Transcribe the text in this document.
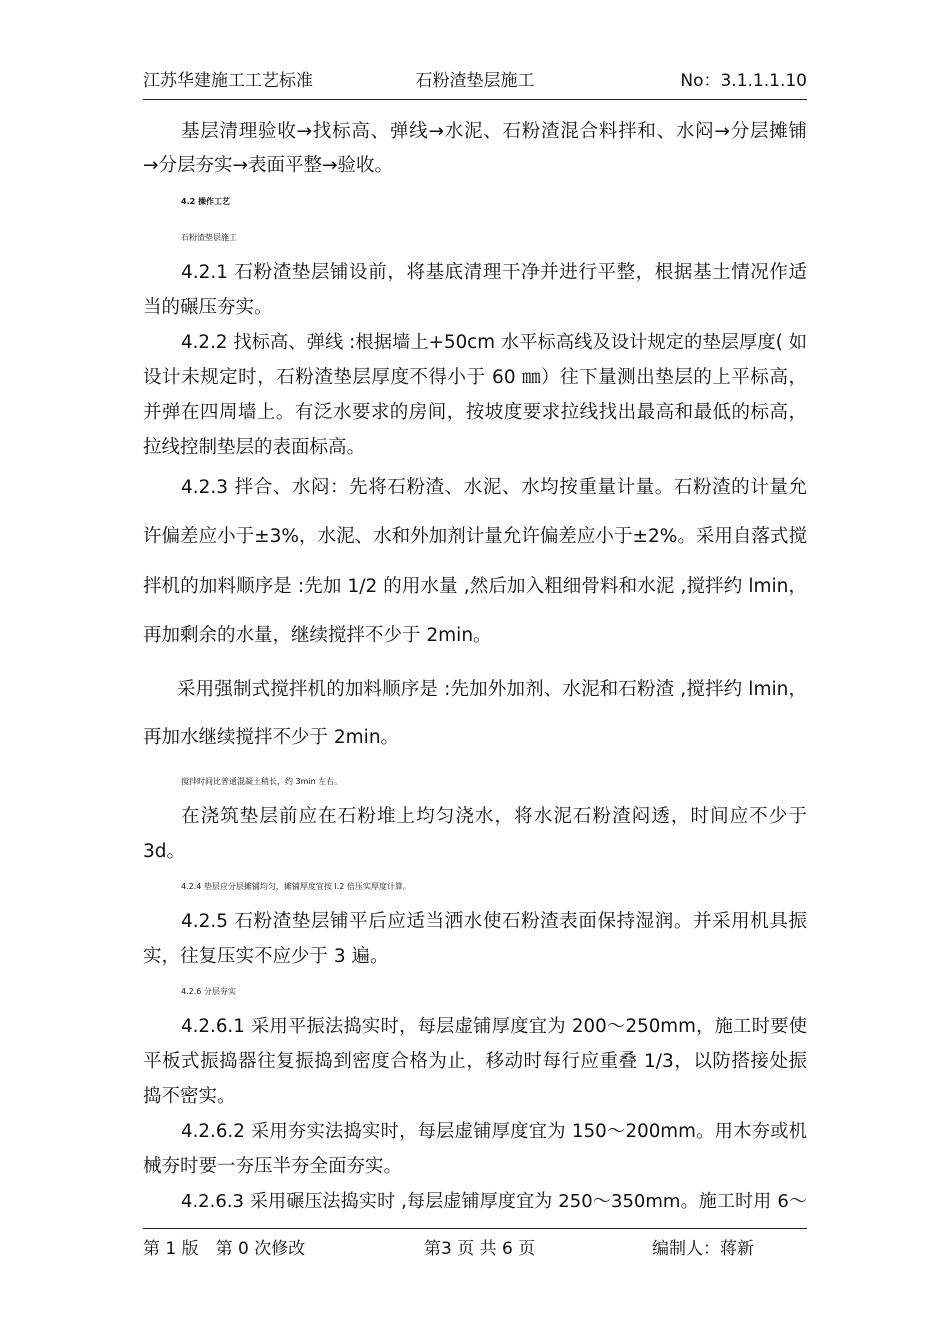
江苏华建施工工艺标准	石粉渣垫层施工	No：3.1.1.1.10
基层清理验收→找标高、弹线→水泥、石粉渣混合料拌和、水闷→分层摊铺
→分层夯实→表面平整→验收。
4.2 操作工艺
石粉渣垫层施工
4.2.1 石粉渣垫层铺设前，将基底清理干净并进行平整，根据基土情况作适
当的碾压夯实。
4.2.2 找标高、弹线 :根据墙上+50cm 水平标高线及设计规定的垫层厚度( 如
设计未规定时，石粉渣垫层厚度不得小于 60 ㎜）往下量测出垫层的上平标高，
并弹在四周墙上。有泛水要求的房间，按坡度要求拉线找出最高和最低的标高，
拉线控制垫层的表面标高。
4.2.3 拌合、水闷：先将石粉渣、水泥、水均按重量计量。石粉渣的计量允
许偏差应小于±3%，水泥、水和外加剂计量允许偏差应小于±2%。采用自落式搅
拌机的加料顺序是 :先加 1/2 的用水量 ,然后加入粗细骨料和水泥 ,搅拌约 lmin，
再加剩余的水量，继续搅拌不少于 2min。
采用强制式搅拌机的加料顺序是 :先加外加剂、水泥和石粉渣 ,搅拌约 lmin，
再加水继续搅拌不少于 2min。
搅拌时间比普通混凝土稍长，约 3min 左右。
在浇筑垫层前应在石粉堆上均匀浇水，将水泥石粉渣闷透，时间应不少于
3d。
4.2.4 垫层应分层摊铺均匀，摊铺厚度宜按 l.2 倍压实厚度计算。
4.2.5 石粉渣垫层铺平后应适当洒水使石粉渣表面保持湿润。并采用机具振
实，往复压实不应少于 3 遍。
4.2.6 分层夯实
4.2.6.1 采用平振法捣实时，每层虚铺厚度宜为 200～250mm，施工时要使
平板式振捣器往复振捣到密度合格为止，移动时每行应重叠 1/3，以防搭接处振
捣不密实。
4.2.6.2 采用夯实法捣实时，每层虚铺厚度宜为 150～200mm。用木夯或机
械夯时要一夯压半夯全面夯实。
4.2.6.3 采用碾压法捣实时 ,每层虚铺厚度宜为 250～350mm。施工时用 6～
第 1 版　第 0 次修改	第3 页 共 6 页	编制人：蒋新
